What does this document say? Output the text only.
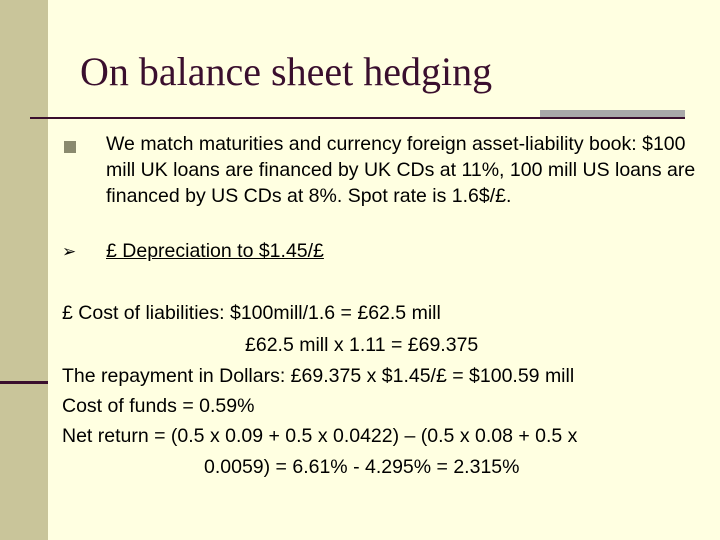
On balance sheet hedging
We match maturities and currency foreign asset-liability book: $100 mill UK loans are financed by UK CDs at 11%, 100 mill US loans are financed by US CDs at 8%. Spot rate is 1.6$/£.
➢ £ Depreciation to $1.45/£
£ Cost of liabilities: $100mill/1.6 = £62.5 mill
£62.5 mill x 1.11 = £69.375
The repayment in Dollars: £69.375 x $1.45/£ = $100.59 mill
Cost of funds = 0.59%
Net return = (0.5 x 0.09 + 0.5 x 0.0422) – (0.5 x 0.08 + 0.5 x
0.0059) = 6.61% - 4.295% = 2.315%
